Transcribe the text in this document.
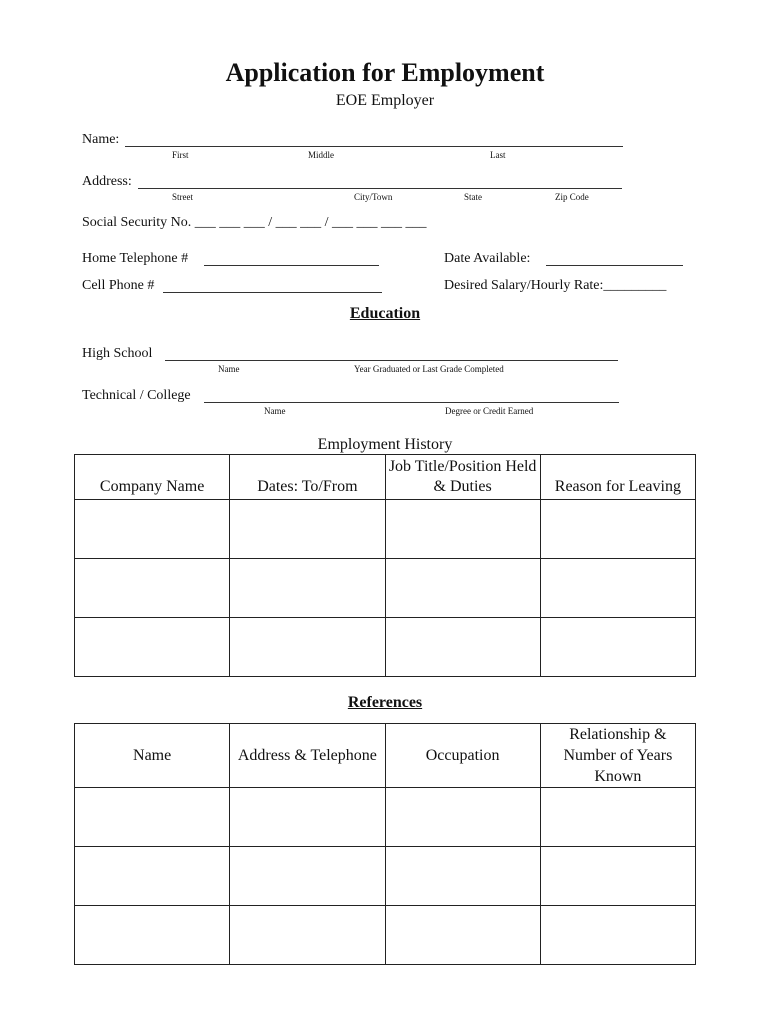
Application for Employment
EOE Employer
Name:
First	Middle	Last
Address:
Street	City/Town	State	Zip Code
Social Security No. ___ ___ ___ / ___ ___ / ___ ___ ___ ___
Home Telephone #	Date Available:
Cell Phone #	Desired Salary/Hourly Rate:_________
Education
High School
Name	Year Graduated or Last Grade Completed
Technical / College
Name	Degree or Credit Earned
Employment History
Company Name	Dates: To/From	Job Title/Position Held & Duties	Reason for Leaving

References
Name	Address & Telephone	Occupation	Relationship & Number of Years Known
